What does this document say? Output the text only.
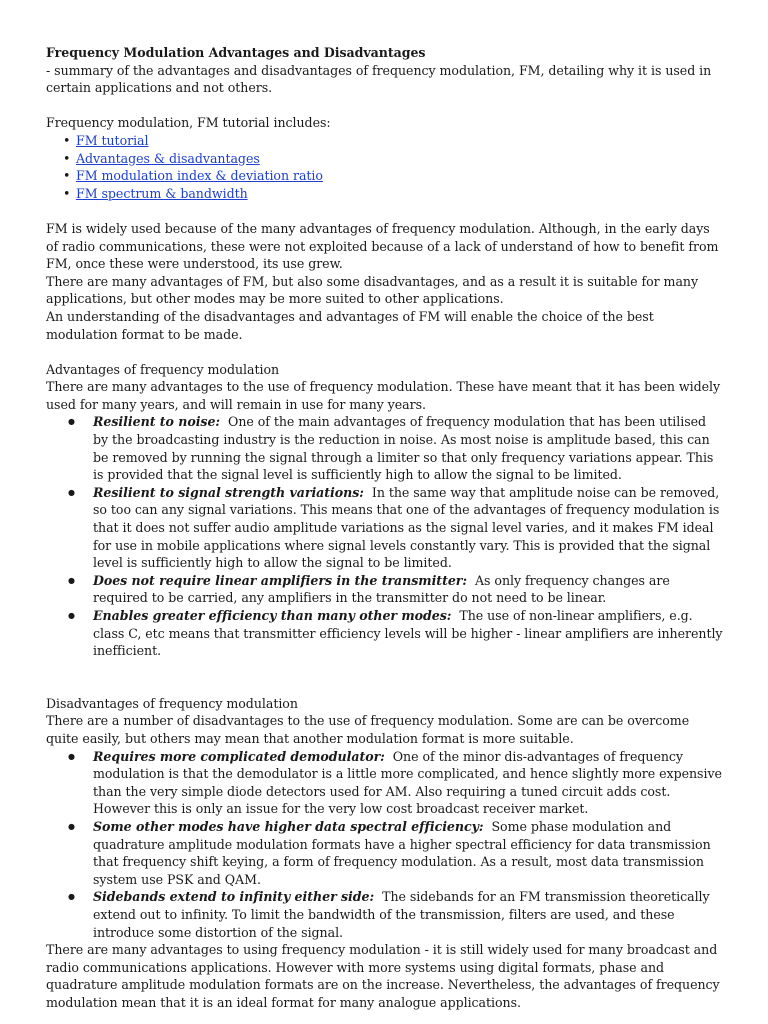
Frequency Modulation Advantages and Disadvantages

- summary of the advantages and disadvantages of frequency modulation, FM, detailing why it is used in certain applications and not others.

Frequency modulation, FM tutorial includes:

• FM tutorial
• Advantages & disadvantages
• FM modulation index & deviation ratio
• FM spectrum & bandwidth

FM is widely used because of the many advantages of frequency modulation. Although, in the early days of radio communications, these were not exploited because of a lack of understand of how to benefit from FM, once these were understood, its use grew.

There are many advantages of FM, but also some disadvantages, and as a result it is suitable for many applications, but other modes may be more suited to other applications.

An understanding of the disadvantages and advantages of FM will enable the choice of the best modulation format to be made.

Advantages of frequency modulation

There are many advantages to the use of frequency modulation. These have meant that it has been widely used for many years, and will remain in use for many years.

● Resilient to noise: One of the main advantages of frequency modulation that has been utilised by the broadcasting industry is the reduction in noise. As most noise is amplitude based, this can be removed by running the signal through a limiter so that only frequency variations appear. This is provided that the signal level is sufficiently high to allow the signal to be limited.
● Resilient to signal strength variations: In the same way that amplitude noise can be removed, so too can any signal variations. This means that one of the advantages of frequency modulation is that it does not suffer audio amplitude variations as the signal level varies, and it makes FM ideal for use in mobile applications where signal levels constantly vary. This is provided that the signal level is sufficiently high to allow the signal to be limited.
● Does not require linear amplifiers in the transmitter: As only frequency changes are required to be carried, any amplifiers in the transmitter do not need to be linear.
● Enables greater efficiency than many other modes: The use of non-linear amplifiers, e.g. class C, etc means that transmitter efficiency levels will be higher - linear amplifiers are inherently inefficient.

Disadvantages of frequency modulation

There are a number of disadvantages to the use of frequency modulation. Some are can be overcome quite easily, but others may mean that another modulation format is more suitable.

● Requires more complicated demodulator: One of the minor dis-advantages of frequency modulation is that the demodulator is a little more complicated, and hence slightly more expensive than the very simple diode detectors used for AM. Also requiring a tuned circuit adds cost. However this is only an issue for the very low cost broadcast receiver market.
● Some other modes have higher data spectral efficiency: Some phase modulation and quadrature amplitude modulation formats have a higher spectral efficiency for data transmission that frequency shift keying, a form of frequency modulation. As a result, most data transmission system use PSK and QAM.
● Sidebands extend to infinity either side: The sidebands for an FM transmission theoretically extend out to infinity. To limit the bandwidth of the transmission, filters are used, and these introduce some distortion of the signal.

There are many advantages to using frequency modulation - it is still widely used for many broadcast and radio communications applications. However with more systems using digital formats, phase and quadrature amplitude modulation formats are on the increase. Nevertheless, the advantages of frequency modulation mean that it is an ideal format for many analogue applications.
